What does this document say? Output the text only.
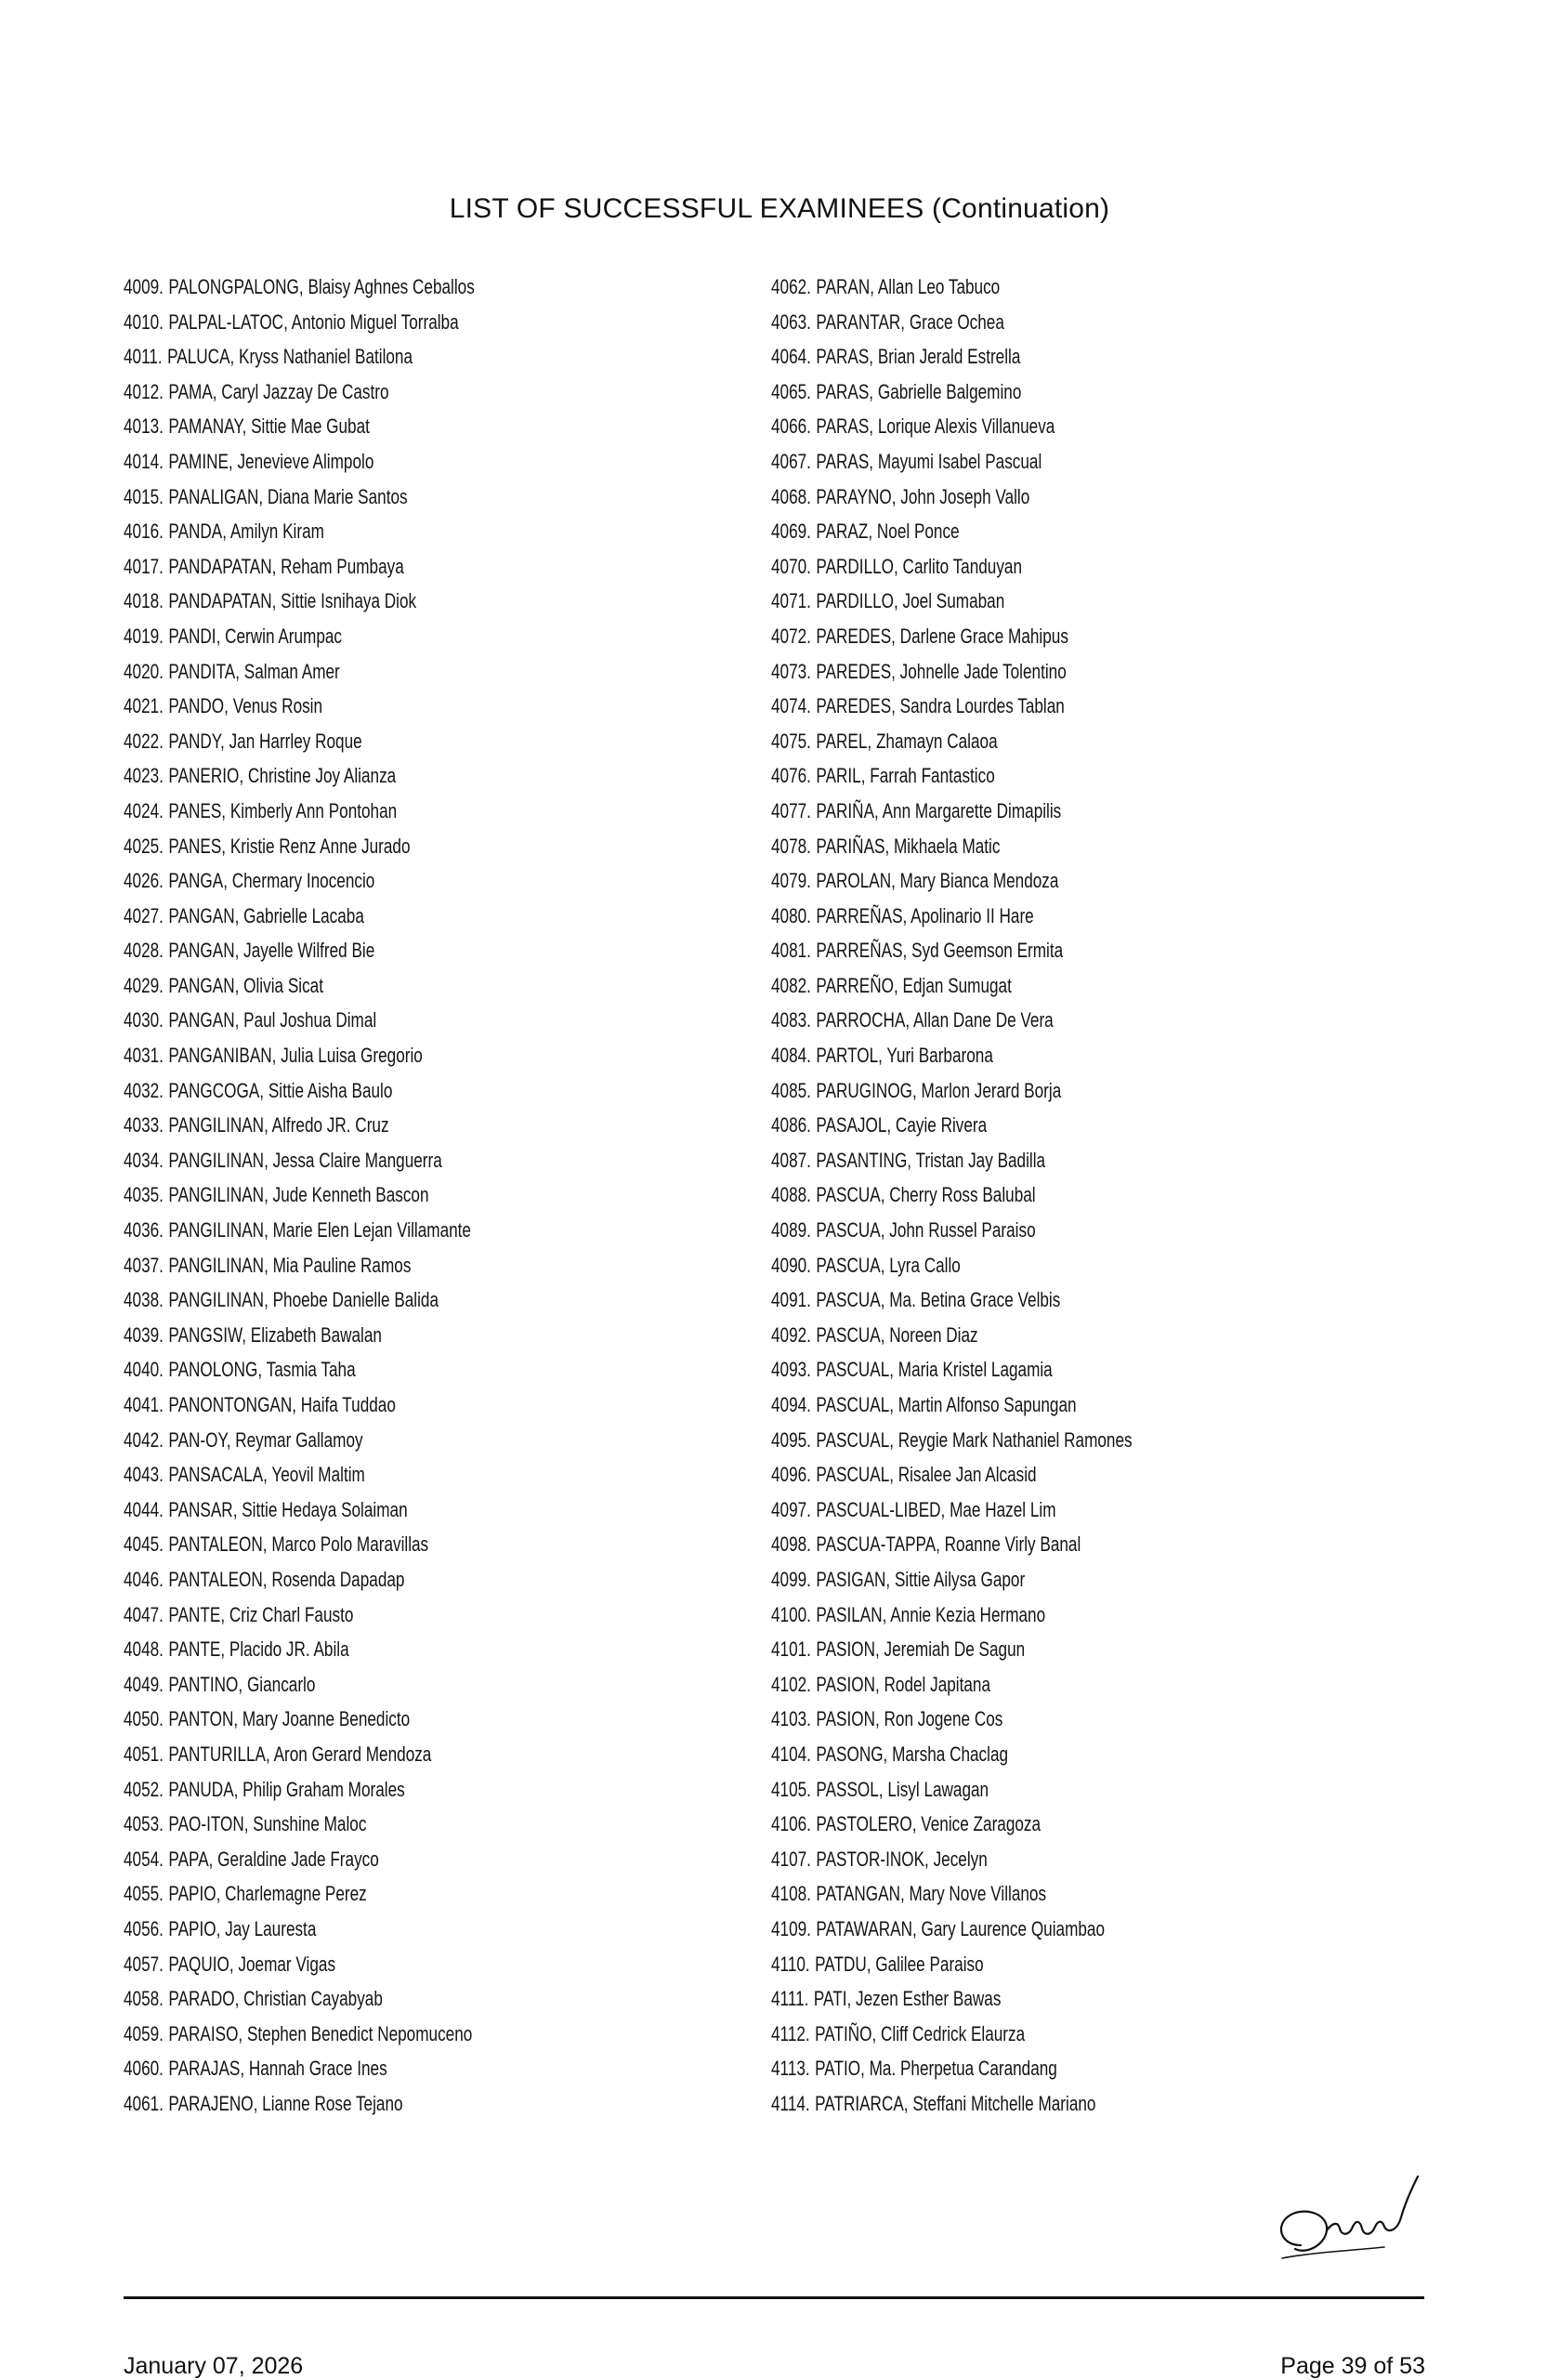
LIST OF SUCCESSFUL EXAMINEES (Continuation)
4009. PALONGPALONG, Blaisy Aghnes Ceballos
4010. PALPAL-LATOC, Antonio Miguel Torralba
4011. PALUCA, Kryss Nathaniel Batilona
4012. PAMA, Caryl Jazzay De Castro
4013. PAMANAY, Sittie Mae Gubat
4014. PAMINE, Jenevieve Alimpolo
4015. PANALIGAN, Diana Marie Santos
4016. PANDA, Amilyn Kiram
4017. PANDAPATAN, Reham Pumbaya
4018. PANDAPATAN, Sittie Isnihaya Diok
4019. PANDI, Cerwin Arumpac
4020. PANDITA, Salman Amer
4021. PANDO, Venus Rosin
4022. PANDY, Jan Harrley Roque
4023. PANERIO, Christine Joy Alianza
4024. PANES, Kimberly Ann Pontohan
4025. PANES, Kristie Renz Anne Jurado
4026. PANGA, Chermary Inocencio
4027. PANGAN, Gabrielle Lacaba
4028. PANGAN, Jayelle Wilfred Bie
4029. PANGAN, Olivia Sicat
4030. PANGAN, Paul Joshua Dimal
4031. PANGANIBAN, Julia Luisa Gregorio
4032. PANGCOGA, Sittie Aisha Baulo
4033. PANGILINAN, Alfredo JR. Cruz
4034. PANGILINAN, Jessa Claire Manguerra
4035. PANGILINAN, Jude Kenneth Bascon
4036. PANGILINAN, Marie Elen Lejan Villamante
4037. PANGILINAN, Mia Pauline Ramos
4038. PANGILINAN, Phoebe Danielle Balida
4039. PANGSIW, Elizabeth Bawalan
4040. PANOLONG, Tasmia Taha
4041. PANONTONGAN, Haifa Tuddao
4042. PAN-OY, Reymar Gallamoy
4043. PANSACALA, Yeovil Maltim
4044. PANSAR, Sittie Hedaya Solaiman
4045. PANTALEON, Marco Polo Maravillas
4046. PANTALEON, Rosenda Dapadap
4047. PANTE, Criz Charl Fausto
4048. PANTE, Placido JR. Abila
4049. PANTINO, Giancarlo
4050. PANTON, Mary Joanne Benedicto
4051. PANTURILLA, Aron Gerard Mendoza
4052. PANUDA, Philip Graham Morales
4053. PAO-ITON, Sunshine Maloc
4054. PAPA, Geraldine Jade Frayco
4055. PAPIO, Charlemagne Perez
4056. PAPIO, Jay Lauresta
4057. PAQUIO, Joemar Vigas
4058. PARADO, Christian Cayabyab
4059. PARAISO, Stephen Benedict Nepomuceno
4060. PARAJAS, Hannah Grace Ines
4061. PARAJENO, Lianne Rose Tejano
4062. PARAN, Allan Leo Tabuco
4063. PARANTAR, Grace Ochea
4064. PARAS, Brian Jerald Estrella
4065. PARAS, Gabrielle Balgemino
4066. PARAS, Lorique Alexis Villanueva
4067. PARAS, Mayumi Isabel Pascual
4068. PARAYNO, John Joseph Vallo
4069. PARAZ, Noel Ponce
4070. PARDILLO, Carlito Tanduyan
4071. PARDILLO, Joel Sumaban
4072. PAREDES, Darlene Grace Mahipus
4073. PAREDES, Johnelle Jade Tolentino
4074. PAREDES, Sandra Lourdes Tablan
4075. PAREL, Zhamayn Calaoa
4076. PARIL, Farrah Fantastico
4077. PARIÑA, Ann Margarette Dimapilis
4078. PARIÑAS, Mikhaela Matic
4079. PAROLAN, Mary Bianca Mendoza
4080. PARREÑAS, Apolinario II Hare
4081. PARREÑAS, Syd Geemson Ermita
4082. PARREÑO, Edjan Sumugat
4083. PARROCHA, Allan Dane De Vera
4084. PARTOL, Yuri Barbarona
4085. PARUGINOG, Marlon Jerard Borja
4086. PASAJOL, Cayie Rivera
4087. PASANTING, Tristan Jay Badilla
4088. PASCUA, Cherry Ross Balubal
4089. PASCUA, John Russel Paraiso
4090. PASCUA, Lyra Callo
4091. PASCUA, Ma. Betina Grace Velbis
4092. PASCUA, Noreen Diaz
4093. PASCUAL, Maria Kristel Lagamia
4094. PASCUAL, Martin Alfonso Sapungan
4095. PASCUAL, Reygie Mark Nathaniel Ramones
4096. PASCUAL, Risalee Jan Alcasid
4097. PASCUAL-LIBED, Mae Hazel Lim
4098. PASCUA-TAPPA, Roanne Virly Banal
4099. PASIGAN, Sittie Ailysa Gapor
4100. PASILAN, Annie Kezia Hermano
4101. PASION, Jeremiah De Sagun
4102. PASION, Rodel Japitana
4103. PASION, Ron Jogene Cos
4104. PASONG, Marsha Chaclag
4105. PASSOL, Lisyl Lawagan
4106. PASTOLERO, Venice Zaragoza
4107. PASTOR-INOK, Jecelyn
4108. PATANGAN, Mary Nove Villanos
4109. PATAWARAN, Gary Laurence Quiambao
4110. PATDU, Galilee Paraiso
4111. PATI, Jezen Esther Bawas
4112. PATIÑO, Cliff Cedrick Elaurza
4113. PATIO, Ma. Pherpetua Carandang
4114. PATRIARCA, Steffani Mitchelle Mariano
January 07, 2026	Page 39 of 53
